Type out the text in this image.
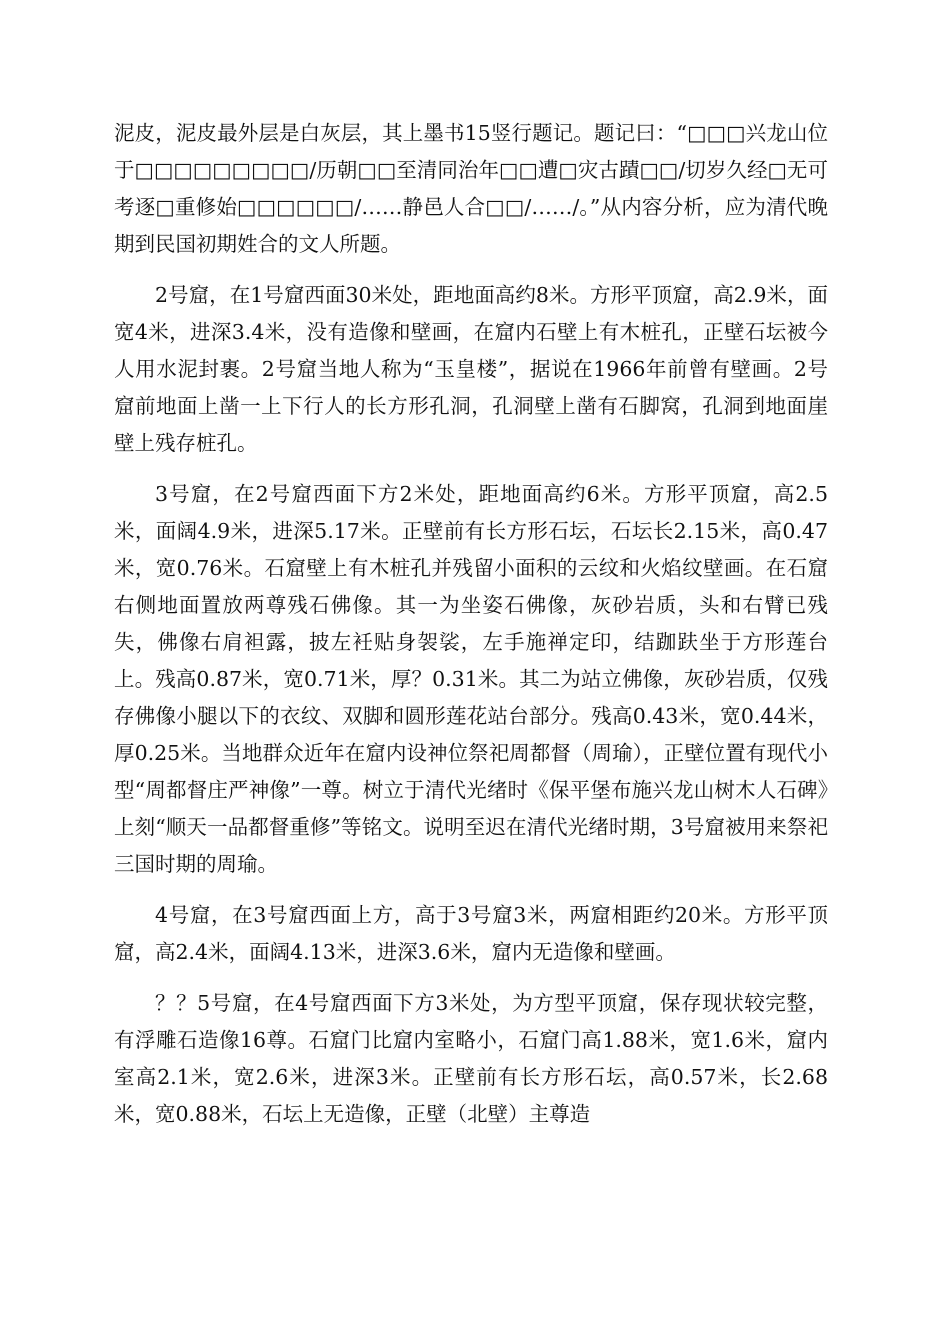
泥皮，泥皮最外层是白灰层，其上墨书15竖行题记。题记曰：“□□□兴龙山位于□□□□□□□□□/历朝□□至清同治年□□遭□灾古蹟□□/切岁久经□无可考逐□重修始□□□□□□/……静邑人合□□/……/。”从内容分析，应为清代晚期到民国初期姓合的文人所题。

2号窟，在1号窟西面30米处，距地面高约8米。方形平顶窟，高2.9米，面宽4米，进深3.4米，没有造像和壁画，在窟内石壁上有木桩孔，正壁石坛被今人用水泥封裹。2号窟当地人称为“玉皇楼”，据说在1966年前曾有壁画。2号窟前地面上凿一上下行人的长方形孔洞，孔洞壁上凿有石脚窝，孔洞到地面崖壁上残存桩孔。

3号窟，在2号窟西面下方2米处，距地面高约6米。方形平顶窟，高2.5米，面阔4.9米，进深5.17米。正壁前有长方形石坛，石坛长2.15米，高0.47米，宽0.76米。石窟壁上有木桩孔并残留小面积的云纹和火焰纹壁画。在石窟右侧地面置放两尊残石佛像。其一为坐姿石佛像，灰砂岩质，头和右臂已残失，佛像右肩袒露，披左衽贴身袈裟，左手施禅定印，结跏趺坐于方形莲台上。残高0.87米，宽0.71米，厚？0.31米。其二为站立佛像，灰砂岩质，仅残存佛像小腿以下的衣纹、双脚和圆形莲花站台部分。残高0.43米，宽0.44米，厚0.25米。当地群众近年在窟内设神位祭祀周都督（周瑜），正壁位置有现代小型“周都督庄严神像”一尊。树立于清代光绪时《保平堡布施兴龙山树木人石碑》上刻“顺天一品都督重修”等铭文。说明至迟在清代光绪时期，3号窟被用来祭祀三国时期的周瑜。

4号窟，在3号窟西面上方，高于3号窟3米，两窟相距约20米。方形平顶窟，高2.4米，面阔4.13米，进深3.6米，窟内无造像和壁画。

？？5号窟，在4号窟西面下方3米处，为方型平顶窟，保存现状较完整，有浮雕石造像16尊。石窟门比窟内室略小，石窟门高1.88米，宽1.6米，窟内室高2.1米，宽2.6米，进深3米。正壁前有长方形石坛，高0.57米，长2.68米，宽0.88米，石坛上无造像，正壁（北壁）主尊造
